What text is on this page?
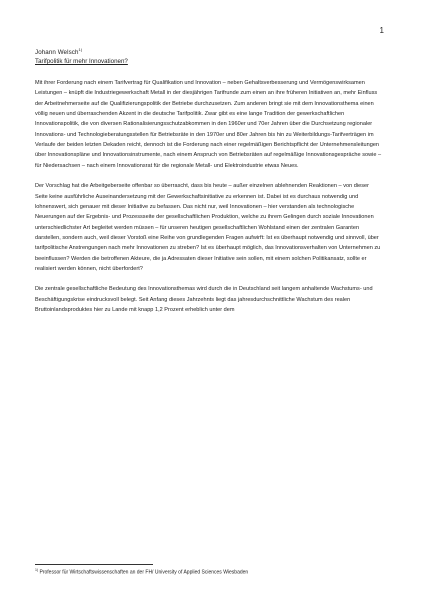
1
Johann Welsch$^{1)}$
Tarifpolitik für mehr Innovationen?

Mit ihrer Forderung nach einem Tarifvertrag für Qualifikation und Innovation – neben Gehaltsverbesserung und Vermögenswirksamen Leistungen – knüpft die Industriegewerkschaft Metall in der diesjährigen Tarifrunde zum einen an ihre früheren Initiativen an, mehr Einfluss der Arbeitnehmerseite auf die Qualifizierungspolitik der Betriebe durchzusetzen. Zum anderen bringt sie mit dem Innovationsthema einen völlig neuen und überraschenden Akzent in die deutsche Tarifpolitik. Zwar gibt es eine lange Tradition der gewerkschaftlichen Innovationspolitik, die von diversen Rationalisierungsschutzabkommen in den 1960er und 70er Jahren über die Durchsetzung regionaler Innovations- und Technologieberatungsstellen für Betriebsräte in den 1970er und 80er Jahren bis hin zu Weiterbildungs-Tarifverträgen im Verlaufe der beiden letzten Dekaden reicht, dennoch ist die Forderung nach einer regelmäßigen Berichtspflicht der Unternehmensleitungen über Innovationspläne und Innovationsinstrumente, nach einem Anspruch von Betriebsräten auf regelmäßige Innovationsgespräche sowie – für Niedersachsen – nach einem Innovationsrat für die regionale Metall- und Elektroindustrie etwas Neues.

Der Vorschlag hat die Arbeitgeberseite offenbar so überrascht, dass bis heute – außer einzelnen ablehnenden Reaktionen – von dieser Seite keine ausführliche Auseinandersetzung mit der Gewerkschaftsinitiative zu erkennen ist. Dabei ist es durchaus notwendig und lohnenswert, sich genauer mit dieser Initiative zu befassen. Das nicht nur, weil Innovationen – hier verstanden als technologische Neuerungen auf der Ergebnis- und Prozessseite der gesellschaftlichen Produktion, welche zu ihrem Gelingen durch soziale Innovationen unterschiedlichster Art begleitet werden müssen – für unseren heutigen gesellschaftlichen Wohlstand einen der zentralen Garanten darstellen, sondern auch, weil dieser Vorstoß eine Reihe von grundlegenden Fragen aufwirft: Ist es überhaupt notwendig und sinnvoll, über tarifpolitische Anstrengungen nach mehr Innovationen zu streben? Ist es überhaupt möglich, das Innovationsverhalten von Unternehmen zu beeinflussen? Werden die betroffenen Akteure, die ja Adressaten dieser Initiative sein sollen, mit einem solchen Politikansatz, sollte er realisiert werden können, nicht überfordert?

Die zentrale gesellschaftliche Bedeutung des Innovationsthemas wird durch die in Deutschland seit langem anhaltende Wachstums- und Beschäftigungskrise eindrucksvoll belegt. Seit Anfang dieses Jahrzehnts liegt das jahresdurchschnittliche Wachstum des realen Bruttoinlandsproduktes hier zu Lande mit knapp 1,2 Prozent erheblich unter dem

$^{1)}$ Professor für Wirtschaftswissenschaften an der FH/ University of Applied Sciences Wiesbaden
